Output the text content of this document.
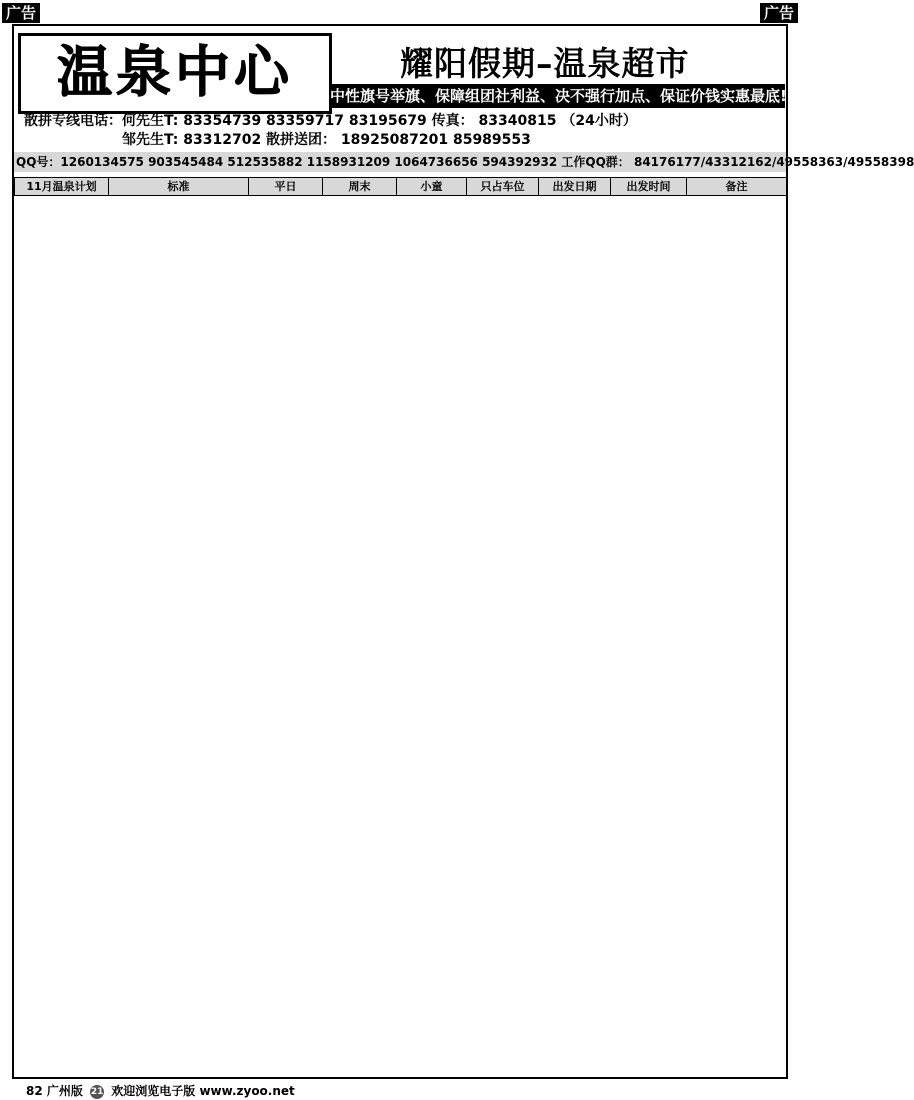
广告	广告
温泉中心	耀阳假期–温泉超市
中性旗号举旗、保障组团社利益、决不强行加点、保证价钱实惠最底!
散拼专线电话：何先生T: 83354739 83359717 83195679 传真： 83340815 （24小时）
　　　　　　　邹先生T: 83312702 散拼送团： 18925087201 85989553
QQ号：1260134575 903545484 512535882 1158931209 1064736656 594392932 工作QQ群： 84176177/43312162/49558363/49558398
11月温泉计划	标准	平日	周末	小童	只占车位	出发日期	出发时间	备注
82 广州版 21 欢迎浏览电子版 www.zyoo.net
